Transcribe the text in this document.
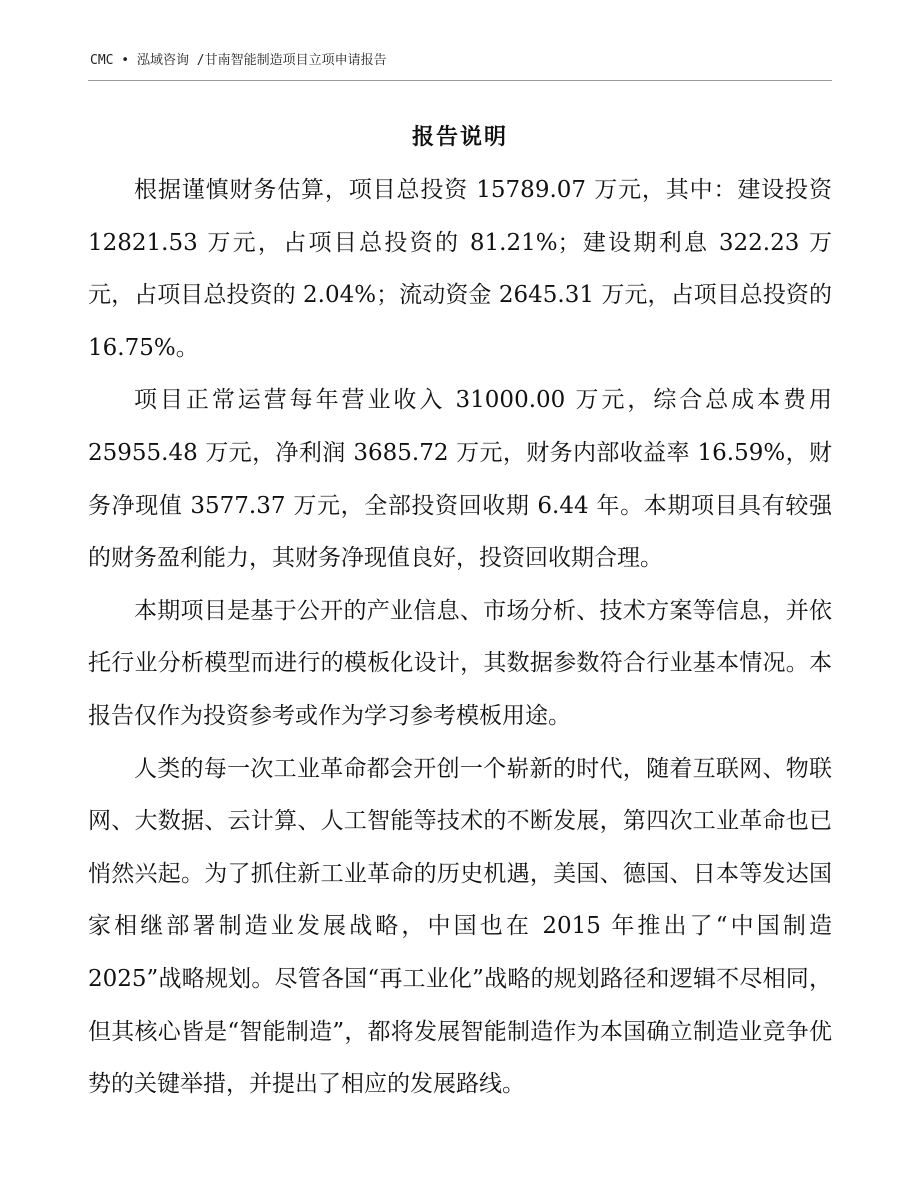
CMC • 泓域咨询 /甘南智能制造项目立项申请报告
报告说明

根据谨慎财务估算，项目总投资 15789.07 万元，其中：建设投资 12821.53 万元，占项目总投资的 81.21%；建设期利息 322.23 万元，占项目总投资的 2.04%；流动资金 2645.31 万元，占项目总投资的 16.75%。

项目正常运营每年营业收入 31000.00 万元，综合总成本费用 25955.48 万元，净利润 3685.72 万元，财务内部收益率 16.59%，财务净现值 3577.37 万元，全部投资回收期 6.44 年。本期项目具有较强的财务盈利能力，其财务净现值良好，投资回收期合理。

本期项目是基于公开的产业信息、市场分析、技术方案等信息，并依托行业分析模型而进行的模板化设计，其数据参数符合行业基本情况。本报告仅作为投资参考或作为学习参考模板用途。

人类的每一次工业革命都会开创一个崭新的时代，随着互联网、物联网、大数据、云计算、人工智能等技术的不断发展，第四次工业革命也已悄然兴起。为了抓住新工业革命的历史机遇，美国、德国、日本等发达国家相继部署制造业发展战略，中国也在 2015 年推出了“中国制造 2025”战略规划。尽管各国“再工业化”战略的规划路径和逻辑不尽相同，但其核心皆是“智能制造”，都将发展智能制造作为本国确立制造业竞争优势的关键举措，并提出了相应的发展路线。
